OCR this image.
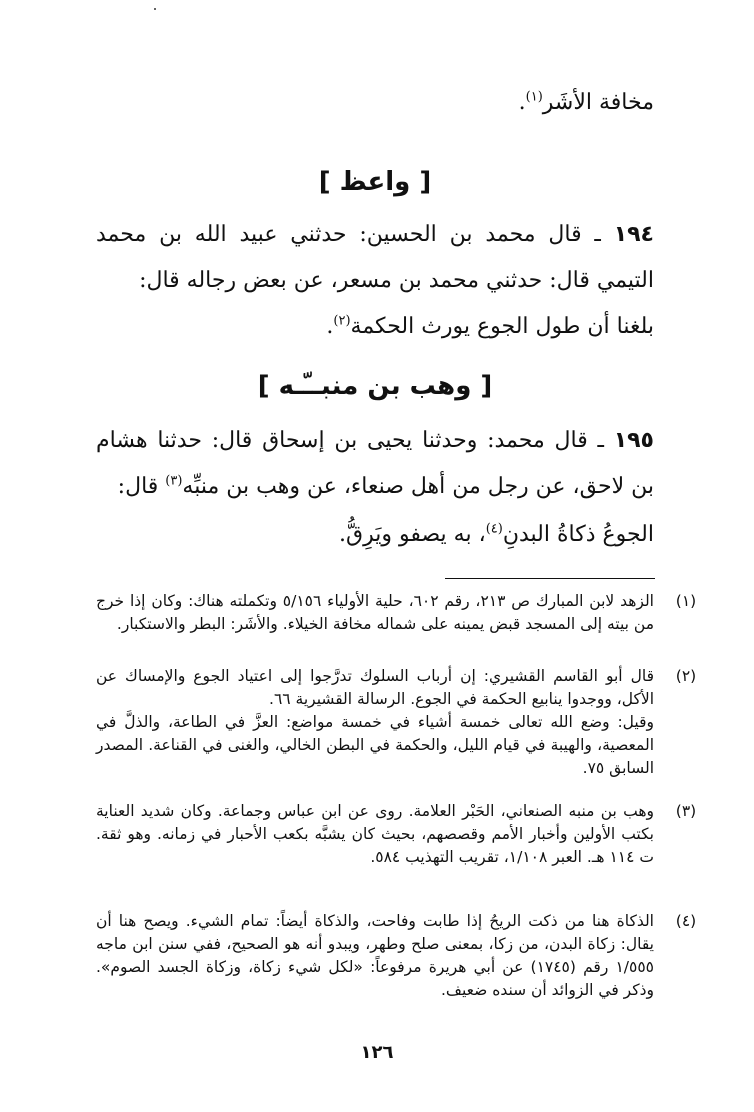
مخافة الأشَر$^{(١)}$.
[ واعظ ]
١٩٤ ـ قال محمد بن الحسين: حدثني عبيد الله بن محمد التيمي قال: حدثني محمد بن مسعر، عن بعض رجاله قال:
بلغنا أن طول الجوع يورث الحكمة$^{(٢)}$.
[ وهب بن منبــّـه ]
١٩٥ ـ قال محمد: وحدثنا يحيى بن إسحاق قال: حدثنا هشام بن لاحق، عن رجل من أهل صنعاء، عن وهب بن منبِّه$^{(٣)}$ قال:
الجوعُ ذكاةُ البدنِ$^{(٤)}$، به يصفو ويَرِقُّ.
(١)
الزهد لابن المبارك ص ٢١٣، رقم ٦٠٢، حلية الأولياء ٥/١٥٦ وتكملته هناك: وكان إذا خرج من بيته إلى المسجد قبض يمينه على شماله مخافة الخيلاء. والأشَر: البطر والاستكبار.
(٢)
قال أبو القاسم القشيري: إن أرباب السلوك تدرَّجوا إلى اعتياد الجوع والإمساك عن الأكل، ووجدوا ينابيع الحكمة في الجوع. الرسالة القشيرية ٦٦.
وقيل: وضع الله تعالى خمسة أشياء في خمسة مواضع: العزَّ في الطاعة، والذلَّ في المعصية، والهيبة في قيام الليل، والحكمة في البطن الخالي، والغنى في القناعة. المصدر السابق ٧٥.
(٣)
وهب بن منبه الصنعاني، الحَبْر العلامة. روى عن ابن عباس وجماعة. وكان شديد العناية بكتب الأولين وأخبار الأمم وقصصهم، بحيث كان يشبَّه بكعب الأحبار في زمانه. وهو ثقة. ت ١١٤ هـ. العبر ١/١٠٨، تقريب التهذيب ٥٨٤.
(٤)
الذكاة هنا من ذكت الريحُ إذا طابت وفاحت، والذكاة أيضاً: تمام الشيء. ويصح هنا أن يقال: زكاة البدن، من زكا، بمعنى صلح وطهر، ويبدو أنه هو الصحيح، ففي سنن ابن ماجه ١/٥٥٥ رقم (١٧٤٥) عن أبي هريرة مرفوعاً: «لكل شيء زكاة، وزكاة الجسد الصوم». وذكر في الزوائد أن سنده ضعيف.
١٢٦
